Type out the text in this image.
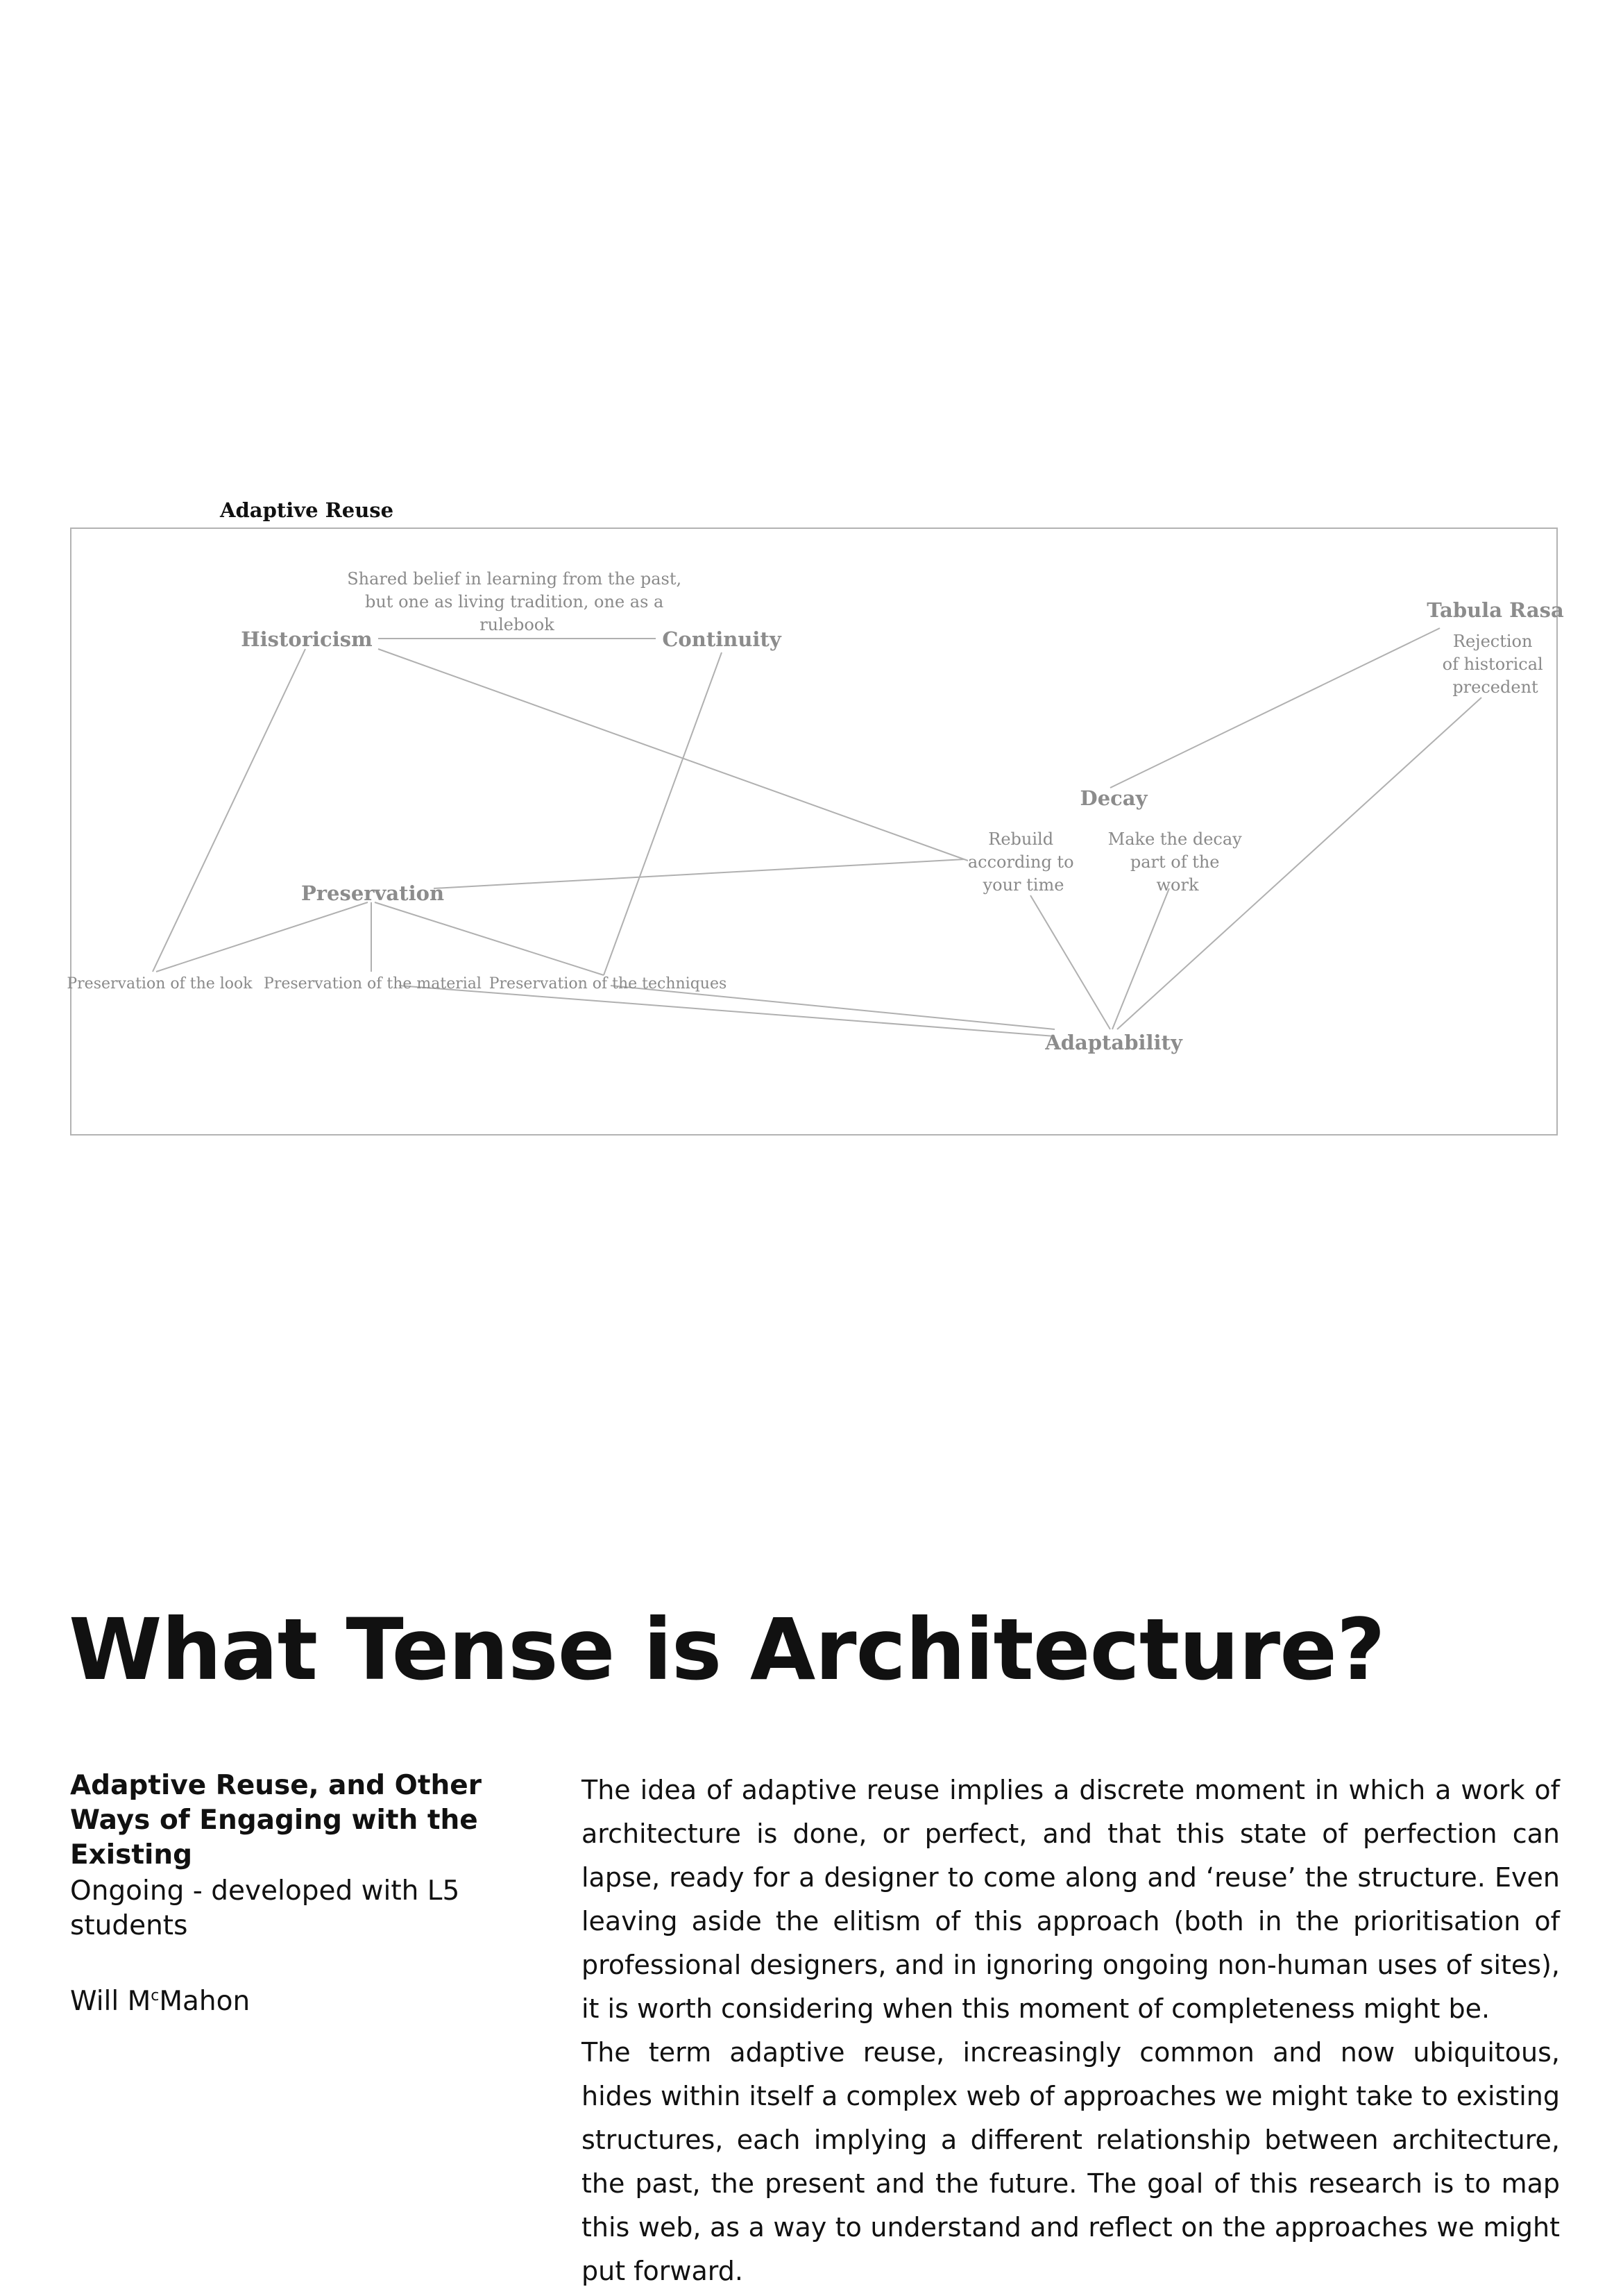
Adaptive Reuse
Historicism	Continuity
Tabula Rasa
Decay
Preservation
Adaptability
Preservation of the look Preservation of the material Preservation of the techniques
Shared belief in learning from the past, but one as living tradition, one as a rulebook
Rejection of historical precedent
Rebuild according to your time
Make the decay part of the work
What Tense is Architecture?
Adaptive Reuse, and Other Ways of Engaging with the Existing

Ongoing - developed with L5 students

Will $M^cMahon$

The idea of adaptive reuse implies a discrete moment in which a work of architecture is done, or perfect, and that this state of perfection can lapse, ready for a designer to come along and ‘reuse’ the structure. Even leaving aside the elitism of this approach (both in the prioritisation of professional designers, and in ignoring ongoing non-human uses of sites), it is worth considering when this moment of completeness might be.

The term adaptive reuse, increasingly common and now ubiquitous, hides within itself a complex web of approaches we might take to existing structures, each implying a different relationship between architecture, the past, the present and the future. The goal of this research is to map this web, as a way to understand and reflect on the approaches we might put forward.
